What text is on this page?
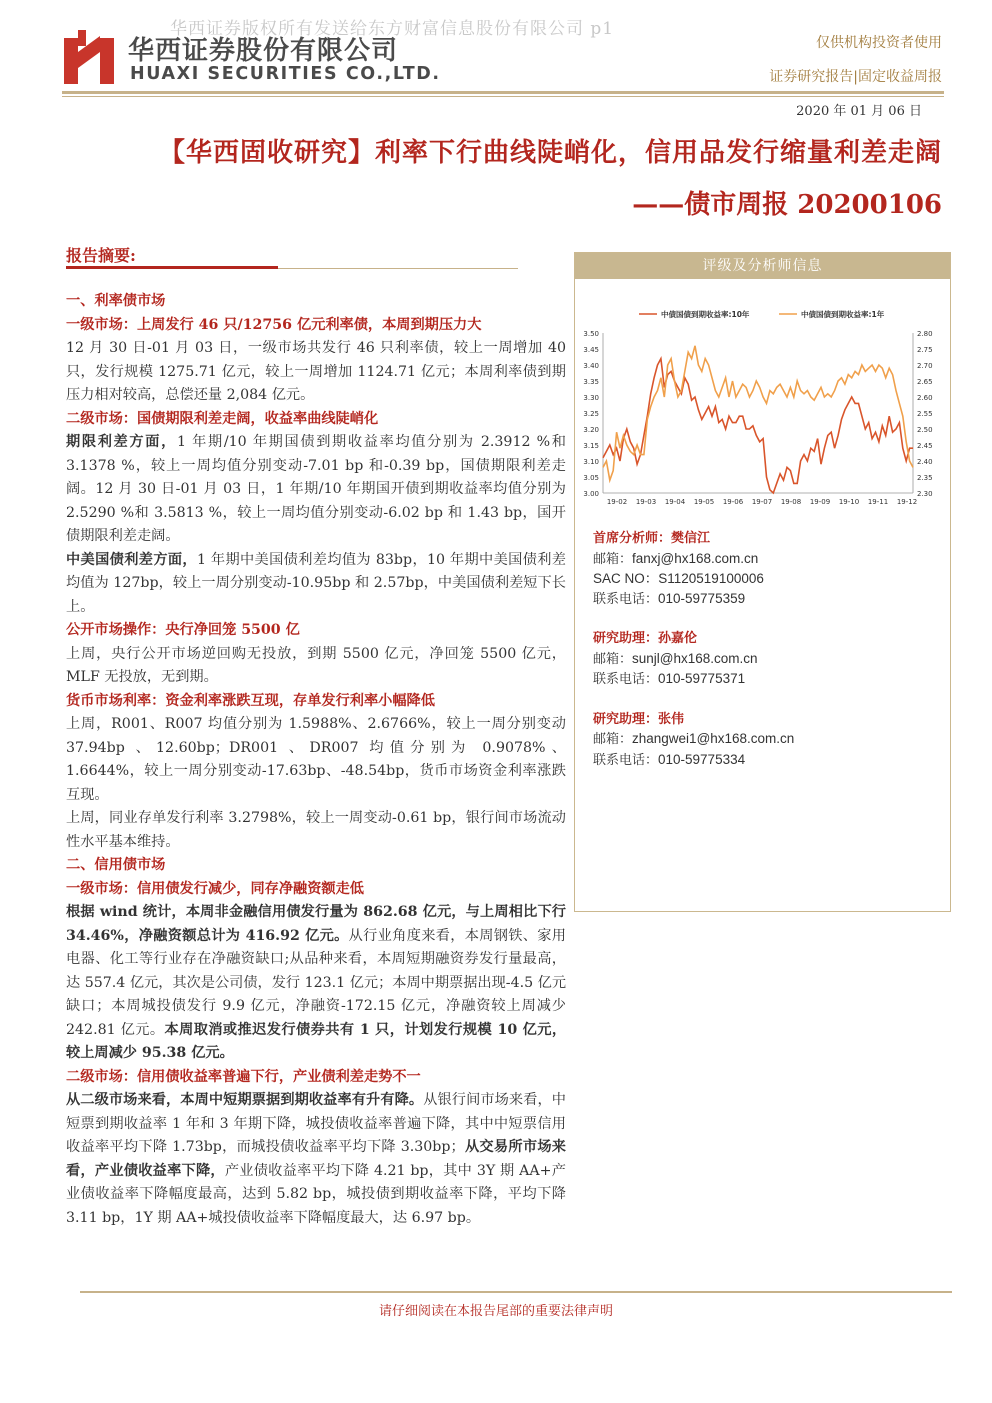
华西证券版权所有发送给东方财富信息股份有限公司 p1
华西证券股份有限公司
HUAXI SECURITIES CO.,LTD.
仅供机构投资者使用
证券研究报告|固定收益周报
2020 年 01 月 06 日
【华西固收研究】利率下行曲线陡峭化，信用品发行缩量利差走阔
——债市周报 20200106
报告摘要:

一、利率债市场

一级市场：上周发行 46 只/12756 亿元利率债，本周到期压力大

12 月 30 日-01 月 03 日，一级市场共发行 46 只利率债，较上一周增加 40 只，发行规模 1275.71 亿元，较上一周增加 1124.71 亿元；本周利率债到期压力相对较高，总偿还量 2,084 亿元。

二级市场：国债期限利差走阔，收益率曲线陡峭化

期限利差方面，1 年期/10 年期国债到期收益率均值分别为 2.3912 %和 3.1378 %，较上一周均值分别变动-7.01 bp 和-0.39 bp，国债期限利差走阔。12 月 30 日-01 月 03 日，1 年期/10 年期国开债到期收益率均值分别为 2.5290 %和 3.5813 %，较上一周均值分别变动-6.02 bp 和 1.43 bp，国开债期限利差走阔。

中美国债利差方面，1 年期中美国债利差均值为 83bp，10 年期中美国债利差均值为 127bp，较上一周分别变动-10.95bp 和 2.57bp，中美国债利差短下长上。

公开市场操作：央行净回笼 5500 亿

上周，央行公开市场逆回购无投放，到期 5500 亿元，净回笼 5500 亿元，MLF 无投放，无到期。

货币市场利率：资金利率涨跌互现，存单发行利率小幅降低

上周，R001、R007 均值分别为 1.5988%、2.6766%，较上一周分别变动 37.94bp 、12.60bp；DR001 、DR007 均值分别为 0.9078%、1.6644%，较上一周分别变动-17.63bp、-48.54bp，货币市场资金利率涨跌互现。

上周，同业存单发行利率 3.2798%，较上一周变动-0.61 bp，银行间市场流动性水平基本维持。

二、信用债市场

一级市场：信用债发行减少，同存净融资额走低

根据 wind 统计，本周非金融信用债发行量为 862.68 亿元，与上周相比下行 34.46%，净融资额总计为 416.92 亿元。从行业角度来看，本周钢铁、家用电器、化工等行业存在净融资缺口;从品种来看，本周短期融资券发行量最高，达 557.4 亿元，其次是公司债，发行 123.1 亿元；本周中期票据出现-4.5 亿元缺口；本周城投债发行 9.9 亿元，净融资-172.15 亿元，净融资较上周减少 242.81 亿元。本周取消或推迟发行债券共有 1 只，计划发行规模 10 亿元，较上周减少 95.38 亿元。

二级市场：信用债收益率普遍下行，产业债利差走势不一

从二级市场来看，本周中短期票据到期收益率有升有降。从银行间市场来看，中短票到期收益率 1 年和 3 年期下降，城投债收益率普遍下降，其中中短票信用收益率平均下降 1.73bp，而城投债收益率平均下降 3.30bp；从交易所市场来看，产业债收益率下降，产业债收益率平均下降 4.21 bp，其中 3Y 期 AA+产业债收益率下降幅度最高，达到 5.82 bp，城投债到期收益率下降，平均下降 3.11 bp，1Y 期 AA+城投债收益率下降幅度最大，达 6.97 bp。

评级及分析师信息
3.50
3.45
3.40
3.35
3.30
3.25
3.20
3.15
3.10
3.05
3.00
2.80
2.75
2.70
2.65
2.60
2.55
2.50
2.45
2.40
2.35
2.30
19-02 19-03 19-04 19-05 19-06 19-07 19-08 19-09 19-10 19-11 19-12
中债国债到期收益率:10年	中债国债到期收益率:1年
首席分析师：樊信江
邮箱：fanxj@hx168.com.cn
SAC NO：S1120519100006
联系电话：010-59775359
研究助理：孙嘉伦
邮箱：sunjl@hx168.com.cn
联系电话：010-59775371
研究助理：张伟
邮箱：zhangwei1@hx168.com.cn
联系电话：010-59775334
请仔细阅读在本报告尾部的重要法律声明
